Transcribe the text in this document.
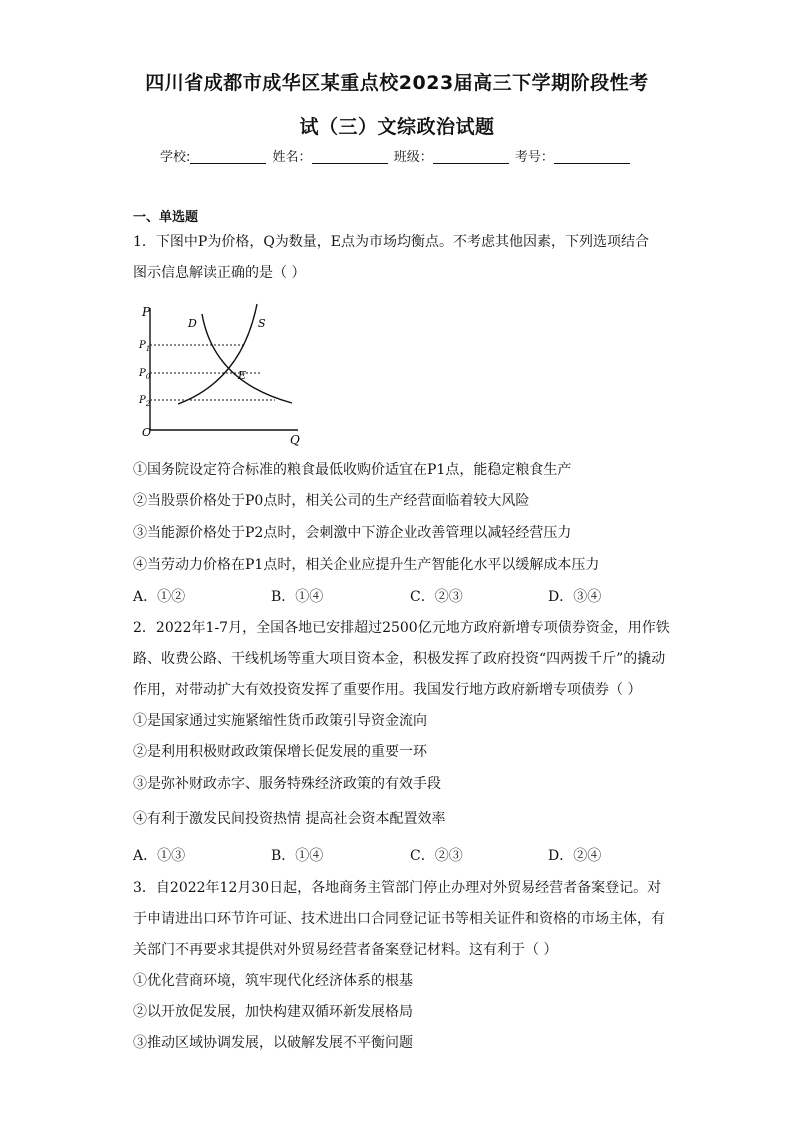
四川省成都市成华区某重点校2023届高三下学期阶段性考
试（三）文综政治试题
学校:	姓名：	班级：	考号：
一、单选题
1．下图中P为价格，Q为数量，E点为市场均衡点。不考虑其他因素，下列选项结合
图示信息解读正确的是（ ）
P
O
Q
D	S
E
$P_1$
$P_0$
$P_2$
①国务院设定符合标准的粮食最低收购价适宜在P1点，能稳定粮食生产
②当股票价格处于P0点时，相关公司的生产经营面临着较大风险
③当能源价格处于P2点时，会刺激中下游企业改善管理以减轻经营压力
④当劳动力价格在P1点时，相关企业应提升生产智能化水平以缓解成本压力
A．①②	B．①④	C．②③	D．③④
2．2022年1-7月，全国各地已安排超过2500亿元地方政府新增专项债券资金，用作铁
路、收费公路、干线机场等重大项目资本金，积极发挥了政府投资“四两拨千斤”的撬动
作用，对带动扩大有效投资发挥了重要作用。我国发行地方政府新增专项债券（ ）
①是国家通过实施紧缩性货币政策引导资金流向
②是利用积极财政政策保增长促发展的重要一环
③是弥补财政赤字、服务特殊经济政策的有效手段
④有利于激发民间投资热情 提高社会资本配置效率
A．①③	B．①④	C．②③	D．②④
3．自2022年12月30日起，各地商务主管部门停止办理对外贸易经营者备案登记。对
于申请进出口环节许可证、技术进出口合同登记证书等相关证件和资格的市场主体，有
关部门不再要求其提供对外贸易经营者备案登记材料。这有利于（ ）
①优化营商环境，筑牢现代化经济体系的根基
②以开放促发展，加快构建双循环新发展格局
③推动区域协调发展，以破解发展不平衡问题
